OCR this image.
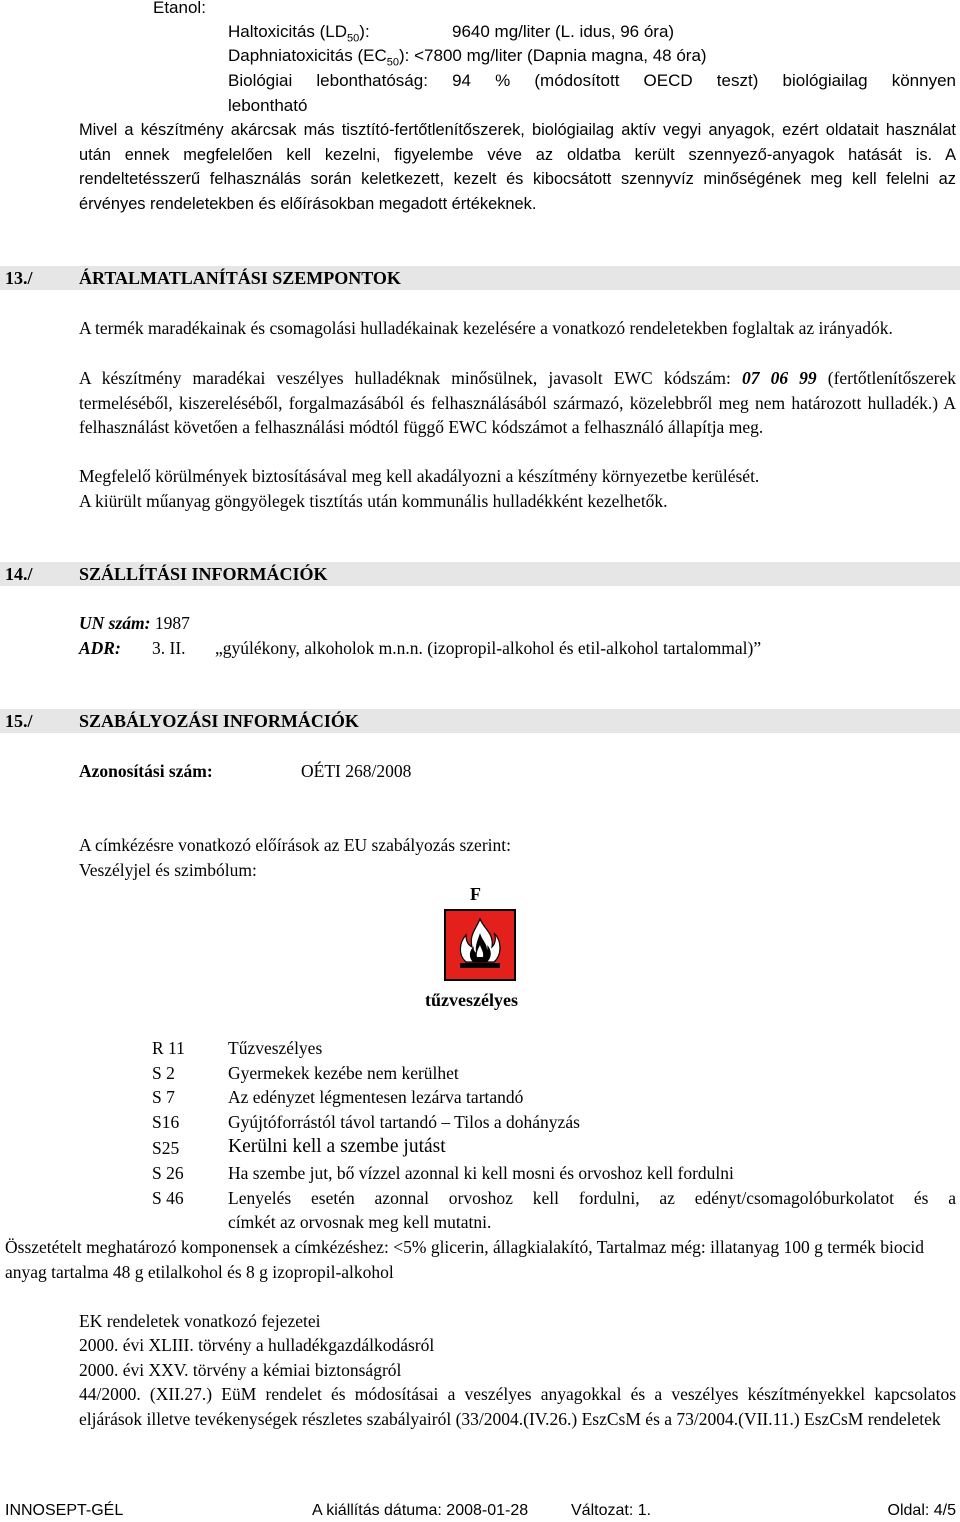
Etanol:
Haltoxicitás $(LD_{50})$:	9640 mg/liter (L. idus, 96 óra)
Daphniatoxicitás $(EC_{50})$: <7800 mg/liter (Dapnia magna, 48 óra)
Biológiai lebonthatóság: 94 % (módosított OECD teszt) biológiailag könnyen
lebontható
Mivel a készítmény akárcsak más tisztító-fertőtlenítőszerek, biológiailag aktív vegyi anyagok, ezért oldatait használat után ennek megfelelően kell kezelni, figyelembe véve az oldatba került szennyező-anyagok hatását is. A rendeltetésszerű felhasználás során keletkezett, kezelt és kibocsátott szennyvíz minőségének meg kell felelni az érvényes rendeletekben és előírásokban megadott értékeknek.
13./	ÁRTALMATLANÍTÁSI SZEMPONTOK
A termék maradékainak és csomagolási hulladékainak kezelésére a vonatkozó rendeletekben foglaltak az irányadók.
A készítmény maradékai veszélyes hulladéknak minősülnek, javasolt EWC kódszám: 07 06 99 (fertőtlenítőszerek termeléséből, kiszereléséből, forgalmazásából és felhasználásából származó, közelebbről meg nem határozott hulladék.) A felhasználást követően a felhasználási módtól függő EWC kódszámot a felhasználó állapítja meg.
Megfelelő körülmények biztosításával meg kell akadályozni a készítmény környezetbe kerülését.
A kiürült műanyag göngyölegek tisztítás után kommunális hulladékként kezelhetők.
14./	SZÁLLÍTÁSI INFORMÁCIÓK
UN szám: 1987
ADR: 3. II. „gyúlékony, alkoholok m.n.n. (izopropil-alkohol és etil-alkohol tartalommal)”
15./	SZABÁLYOZÁSI INFORMÁCIÓK
Azonosítási szám:	OÉTI 268/2008
A címkézésre vonatkozó előírások az EU szabályozás szerint:
Veszélyjel és szimbólum:
F
tűzveszélyes
R 11 Tűzveszélyes
S 2	Gyermekek kezébe nem kerülhet
S 7	Az edényzet légmentesen lezárva tartandó
S16	Gyújtóforrástól távol tartandó – Tilos a dohányzás
S25	Kerülni kell a szembe jutást
S 26	Ha szembe jut, bő vízzel azonnal ki kell mosni és orvoshoz kell fordulni
S 46	Lenyelés esetén azonnal orvoshoz kell fordulni, az edényt/csomagolóburkolatot és a
címkét az orvosnak meg kell mutatni.
Összetételt meghatározó komponensek a címkézéshez: <5% glicerin, állagkialakító, Tartalmaz még: illatanyag 100 g termék biocid anyag tartalma 48 g etilalkohol és 8 g izopropil-alkohol
EK rendeletek vonatkozó fejezetei
2000. évi XLIII. törvény a hulladékgazdálkodásról
2000. évi XXV. törvény a kémiai biztonságról
44/2000. (XII.27.) EüM rendelet és módosításai a veszélyes anyagokkal és a veszélyes készítményekkel kapcsolatos eljárások illetve tevékenységek részletes szabályairól (33/2004.(IV.26.) EszCsM és a 73/2004.(VII.11.) EszCsM rendeletek
INNOSEPT-GÉL	A kiállítás dátuma: 2008-01-28	Változat: 1.	Oldal: 4/5
